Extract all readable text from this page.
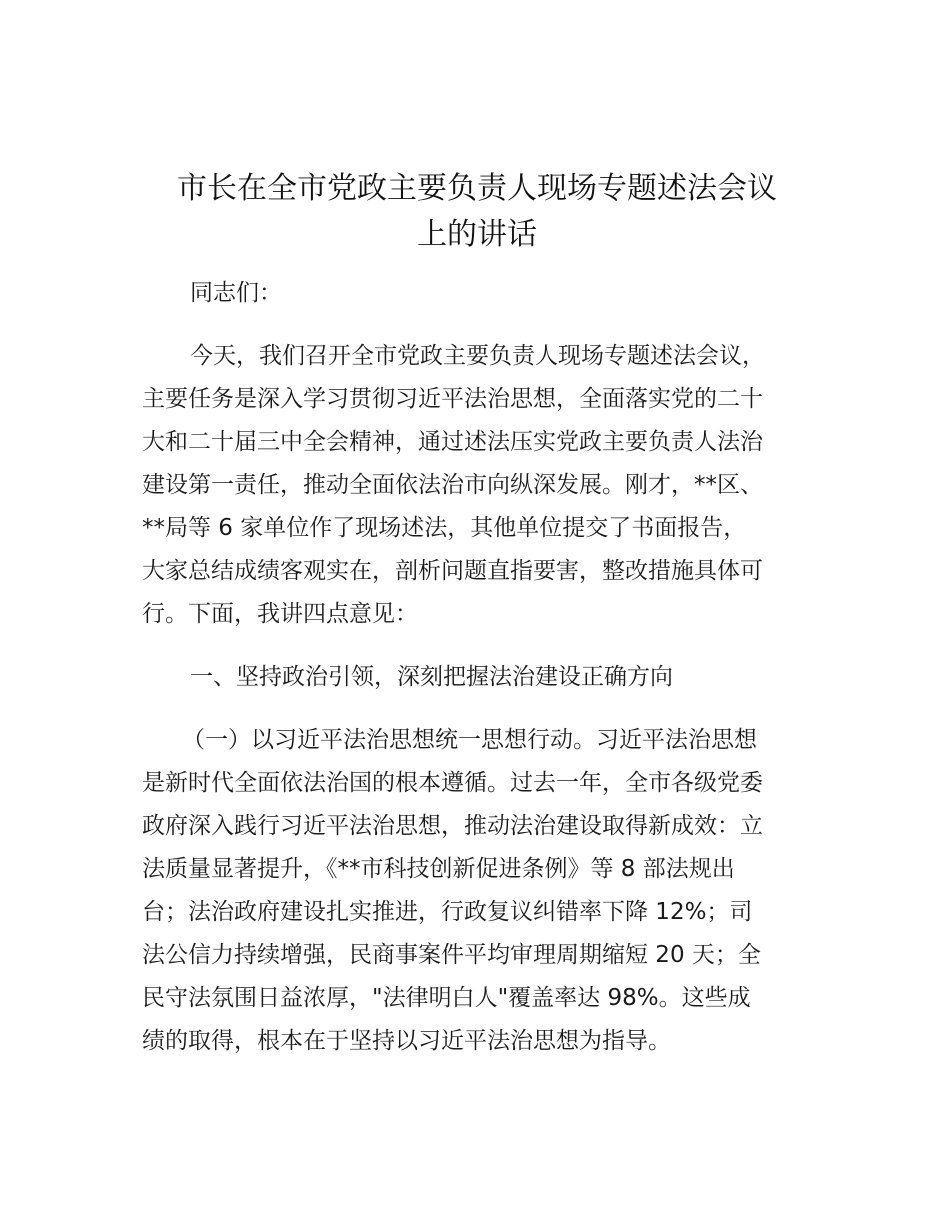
市长在全市党政主要负责人现场专题述法会议
上的讲话

同志们：

今天，我们召开全市党政主要负责人现场专题述法会议，
主要任务是深入学习贯彻习近平法治思想，全面落实党的二十
大和二十届三中全会精神，通过述法压实党政主要负责人法治
建设第一责任，推动全面依法治市向纵深发展。刚才，**区、
**局等 6 家单位作了现场述法，其他单位提交了书面报告，
大家总结成绩客观实在，剖析问题直指要害，整改措施具体可
行。下面，我讲四点意见：

一、坚持政治引领，深刻把握法治建设正确方向

（一）以习近平法治思想统一思想行动。习近平法治思想
是新时代全面依法治国的根本遵循。过去一年，全市各级党委
政府深入践行习近平法治思想，推动法治建设取得新成效：立
法质量显著提升，《**市科技创新促进条例》等 8 部法规出
台；法治政府建设扎实推进，行政复议纠错率下降 12%；司
法公信力持续增强，民商事案件平均审理周期缩短 20 天；全
民守法氛围日益浓厚，"法律明白人"覆盖率达 98%。这些成
绩的取得，根本在于坚持以习近平法治思想为指导。
